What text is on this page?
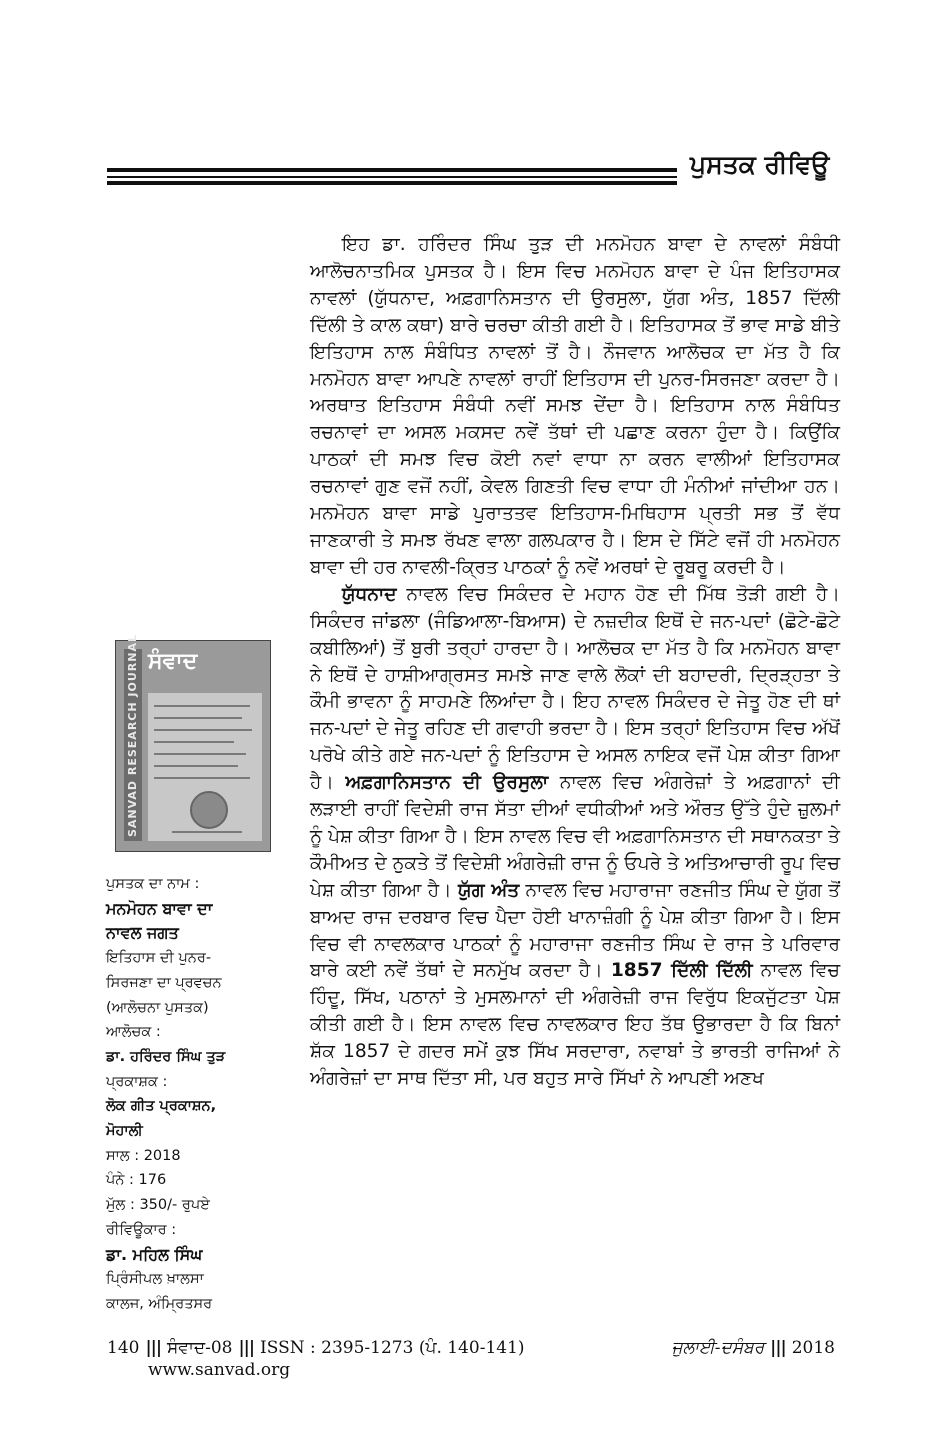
ਪੁਸਤਕ ਰੀਵਿਊ

ਇਹ ਡਾ. ਹਰਿੰਦਰ ਸਿੰਘ ਤੁੜ ਦੀ ਮਨਮੋਹਨ ਬਾਵਾ ਦੇ ਨਾਵਲਾਂ ਸੰਬੰਧੀ ਆਲੋਚਨਾਤਮਿਕ ਪੁਸਤਕ ਹੈ। ਇਸ ਵਿਚ ਮਨਮੋਹਨ ਬਾਵਾ ਦੇ ਪੰਜ ਇਤਿਹਾਸਕ ਨਾਵਲਾਂ (ਯੁੱਧਨਾਦ, ਅਫ਼ਗਾਨਿਸਤਾਨ ਦੀ ਉਰਸੁਲਾ, ਯੁੱਗ ਅੰਤ, 1857 ਦਿੱਲੀ ਦਿੱਲੀ ਤੇ ਕਾਲ ਕਥਾ) ਬਾਰੇ ਚਰਚਾ ਕੀਤੀ ਗਈ ਹੈ। ਇਤਿਹਾਸਕ ਤੋਂ ਭਾਵ ਸਾਡੇ ਬੀਤੇ ਇਤਿਹਾਸ ਨਾਲ ਸੰਬੰਧਿਤ ਨਾਵਲਾਂ ਤੋਂ ਹੈ। ਨੌਜਵਾਨ ਆਲੋਚਕ ਦਾ ਮੱਤ ਹੈ ਕਿ ਮਨਮੋਹਨ ਬਾਵਾ ਆਪਣੇ ਨਾਵਲਾਂ ਰਾਹੀਂ ਇਤਿਹਾਸ ਦੀ ਪੁਨਰ-ਸਿਰਜਣਾ ਕਰਦਾ ਹੈ। ਅਰਥਾਤ ਇਤਿਹਾਸ ਸੰਬੰਧੀ ਨਵੀਂ ਸਮਝ ਦੇਂਦਾ ਹੈ। ਇਤਿਹਾਸ ਨਾਲ ਸੰਬੰਧਿਤ ਰਚਨਾਵਾਂ ਦਾ ਅਸਲ ਮਕਸਦ ਨਵੇਂ ਤੱਥਾਂ ਦੀ ਪਛਾਣ ਕਰਨਾ ਹੁੰਦਾ ਹੈ। ਕਿਉਂਕਿ ਪਾਠਕਾਂ ਦੀ ਸਮਝ ਵਿਚ ਕੋਈ ਨਵਾਂ ਵਾਧਾ ਨਾ ਕਰਨ ਵਾਲੀਆਂ ਇਤਿਹਾਸਕ ਰਚਨਾਵਾਂ ਗੁਣ ਵਜੋਂ ਨਹੀਂ, ਕੇਵਲ ਗਿਣਤੀ ਵਿਚ ਵਾਧਾ ਹੀ ਮੰਨੀਆਂ ਜਾਂਦੀਆ ਹਨ। ਮਨਮੋਹਨ ਬਾਵਾ ਸਾਡੇ ਪੁਰਾਤਤਵ ਇਤਿਹਾਸ-ਮਿਥਿਹਾਸ ਪ੍ਰਤੀ ਸਭ ਤੋਂ ਵੱਧ ਜਾਣਕਾਰੀ ਤੇ ਸਮਝ ਰੱਖਣ ਵਾਲਾ ਗਲਪਕਾਰ ਹੈ। ਇਸ ਦੇ ਸਿੱਟੇ ਵਜੋਂ ਹੀ ਮਨਮੋਹਨ ਬਾਵਾ ਦੀ ਹਰ ਨਾਵਲੀ-ਕ੍ਰਿਤ ਪਾਠਕਾਂ ਨੂੰ ਨਵੇਂ ਅਰਥਾਂ ਦੇ ਰੂਬਰੂ ਕਰਦੀ ਹੈ।

ਯੁੱਧਨਾਦ ਨਾਵਲ ਵਿਚ ਸਿਕੰਦਰ ਦੇ ਮਹਾਨ ਹੋਣ ਦੀ ਮਿੱਥ ਤੋੜੀ ਗਈ ਹੈ। ਸਿਕੰਦਰ ਜਾਂਡਲਾ (ਜੰਡਿਆਲਾ-ਬਿਆਸ) ਦੇ ਨਜ਼ਦੀਕ ਇਥੋਂ ਦੇ ਜਨ-ਪਦਾਂ (ਛੋਟੇ-ਛੋਟੇ ਕਬੀਲਿਆਂ) ਤੋਂ ਬੁਰੀ ਤਰ੍ਹਾਂ ਹਾਰਦਾ ਹੈ। ਆਲੋਚਕ ਦਾ ਮੱਤ ਹੈ ਕਿ ਮਨਮੋਹਨ ਬਾਵਾ ਨੇ ਇਥੋਂ ਦੇ ਹਾਸ਼ੀਆਗ੍ਰਸਤ ਸਮਝੇ ਜਾਣ ਵਾਲੇ ਲੋਕਾਂ ਦੀ ਬਹਾਦਰੀ, ਦ੍ਰਿੜ੍ਹਤਾ ਤੇ ਕੌਮੀ ਭਾਵਨਾ ਨੂੰ ਸਾਹਮਣੇ ਲਿਆਂਦਾ ਹੈ। ਇਹ ਨਾਵਲ ਸਿਕੰਦਰ ਦੇ ਜੇਤੂ ਹੋਣ ਦੀ ਥਾਂ ਜਨ-ਪਦਾਂ ਦੇ ਜੇਤੂ ਰਹਿਣ ਦੀ ਗਵਾਹੀ ਭਰਦਾ ਹੈ। ਇਸ ਤਰ੍ਹਾਂ ਇਤਿਹਾਸ ਵਿਚ ਅੱਖੋਂ ਪਰੋਖੇ ਕੀਤੇ ਗਏ ਜਨ-ਪਦਾਂ ਨੂੰ ਇਤਿਹਾਸ ਦੇ ਅਸਲ ਨਾਇਕ ਵਜੋਂ ਪੇਸ਼ ਕੀਤਾ ਗਿਆ ਹੈ। ਅਫ਼ਗਾਨਿਸਤਾਨ ਦੀ ਉਰਸੁਲਾ ਨਾਵਲ ਵਿਚ ਅੰਗਰੇਜ਼ਾਂ ਤੇ ਅਫ਼ਗਾਨਾਂ ਦੀ ਲੜਾਈ ਰਾਹੀਂ ਵਿਦੇਸ਼ੀ ਰਾਜ ਸੱਤਾ ਦੀਆਂ ਵਧੀਕੀਆਂ ਅਤੇ ਔਰਤ ਉੱਤੇ ਹੁੰਦੇ ਜ਼ੁਲਮਾਂ ਨੂੰ ਪੇਸ਼ ਕੀਤਾ ਗਿਆ ਹੈ। ਇਸ ਨਾਵਲ ਵਿਚ ਵੀ ਅਫ਼ਗਾਨਿਸਤਾਨ ਦੀ ਸਥਾਨਕਤਾ ਤੇ ਕੌਮੀਅਤ ਦੇ ਨੁਕਤੇ ਤੋਂ ਵਿਦੇਸ਼ੀ ਅੰਗਰੇਜ਼ੀ ਰਾਜ ਨੂੰ ਓਪਰੇ ਤੇ ਅਤਿਆਚਾਰੀ ਰੂਪ ਵਿਚ ਪੇਸ਼ ਕੀਤਾ ਗਿਆ ਹੈ। ਯੁੱਗ ਅੰਤ ਨਾਵਲ ਵਿਚ ਮਹਾਰਾਜਾ ਰਣਜੀਤ ਸਿੰਘ ਦੇ ਯੁੱਗ ਤੋਂ ਬਾਅਦ ਰਾਜ ਦਰਬਾਰ ਵਿਚ ਪੈਦਾ ਹੋਈ ਖਾਨਾਜ਼ੰਗੀ ਨੂੰ ਪੇਸ਼ ਕੀਤਾ ਗਿਆ ਹੈ। ਇਸ ਵਿਚ ਵੀ ਨਾਵਲਕਾਰ ਪਾਠਕਾਂ ਨੂੰ ਮਹਾਰਾਜਾ ਰਣਜੀਤ ਸਿੰਘ ਦੇ ਰਾਜ ਤੇ ਪਰਿਵਾਰ ਬਾਰੇ ਕਈ ਨਵੇਂ ਤੱਥਾਂ ਦੇ ਸਨਮੁੱਖ ਕਰਦਾ ਹੈ। 1857 ਦਿੱਲੀ ਦਿੱਲੀ ਨਾਵਲ ਵਿਚ ਹਿੰਦੂ, ਸਿੱਖ, ਪਠਾਨਾਂ ਤੇ ਮੁਸਲਮਾਨਾਂ ਦੀ ਅੰਗਰੇਜ਼ੀ ਰਾਜ ਵਿਰੁੱਧ ਇਕਜੁੱਟਤਾ ਪੇਸ਼ ਕੀਤੀ ਗਈ ਹੈ। ਇਸ ਨਾਵਲ ਵਿਚ ਨਾਵਲਕਾਰ ਇਹ ਤੱਥ ਉਭਾਰਦਾ ਹੈ ਕਿ ਬਿਨਾਂ ਸ਼ੱਕ 1857 ਦੇ ਗਦਰ ਸਮੇਂ ਕੁਝ ਸਿੱਖ ਸਰਦਾਰਾ, ਨਵਾਬਾਂ ਤੇ ਭਾਰਤੀ ਰਾਜਿਆਂ ਨੇ ਅੰਗਰੇਜ਼ਾਂ ਦਾ ਸਾਥ ਦਿੱਤਾ ਸੀ, ਪਰ ਬਹੁਤ ਸਾਰੇ ਸਿੱਖਾਂ ਨੇ ਆਪਣੀ ਅਣਖ

SANVAD RESEARCH JOURNAL ਸੰਵਾਦ
ਪੁਸਤਕ ਦਾ ਨਾਮ :
ਮਨਮੋਹਨ ਬਾਵਾ ਦਾ
ਨਾਵਲ ਜਗਤ
ਇਤਿਹਾਸ ਦੀ ਪੁਨਰ-
ਸਿਰਜਣਾ ਦਾ ਪ੍ਰਵਚਨ
(ਆਲੋਚਨਾ ਪੁਸਤਕ)
ਆਲੋਚਕ :
ਡਾ. ਹਰਿੰਦਰ ਸਿੰਘ ਤੁੜ
ਪ੍ਰਕਾਸ਼ਕ :
ਲੋਕ ਗੀਤ ਪ੍ਰਕਾਸ਼ਨ,
ਮੋਹਾਲੀ
ਸਾਲ : 2018
ਪੰਨੇ : 176
ਮੁੱਲ : 350/- ਰੁਪਏ
ਰੀਵਿਊਕਾਰ :
ਡਾ. ਮਹਿਲ ਸਿੰਘ
ਪ੍ਰਿੰਸੀਪਲ ਖ਼ਾਲਸਾ
ਕਾਲਜ, ਅੰਮ੍ਰਿਤਸਰ
140 ||| ਸੰਵਾਦ-08 ||| ISSN : 2395-1273 (ਪੰ. 140-141)	ਜੁਲਾਈ-ਦਸੰਬਰ ||| 2018
www.sanvad.org
